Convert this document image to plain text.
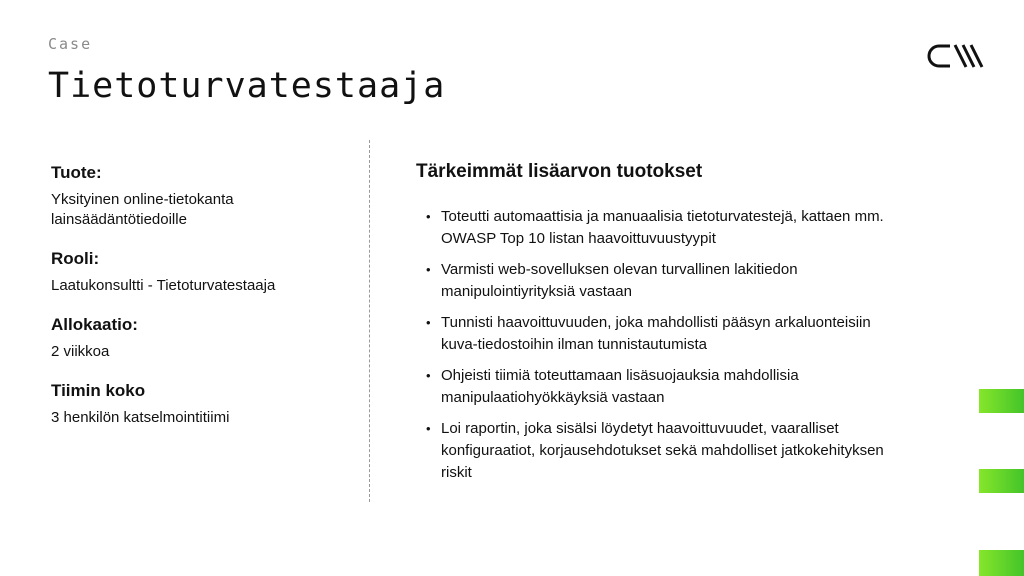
Case
Tietoturvatestaaja
Tuote:
Yksityinen online-tietokanta
lainsäädäntötiedoille
Rooli:
Laatukonsultti - Tietoturvatestaaja
Allokaatio:
2 viikkoa
Tiimin koko
3 henkilön katselmointitiimi
Tärkeimmät lisäarvon tuotokset
• Toteutti automaattisia ja manuaalisia tietoturvatestejä, kattaen mm.
OWASP Top 10 listan haavoittuvuustyypit
• Varmisti web-sovelluksen olevan turvallinen lakitiedon
manipulointiyrityksiä vastaan
• Tunnisti haavoittuvuuden, joka mahdollisti pääsyn arkaluonteisiin
kuva-tiedostoihin ilman tunnistautumista
• Ohjeisti tiimiä toteuttamaan lisäsuojauksia mahdollisia
manipulaatiohyökkäyksiä vastaan
• Loi raportin, joka sisälsi löydetyt haavoittuvuudet, vaaralliset
konfiguraatiot, korjausehdotukset sekä mahdolliset jatkokehityksen
riskit
